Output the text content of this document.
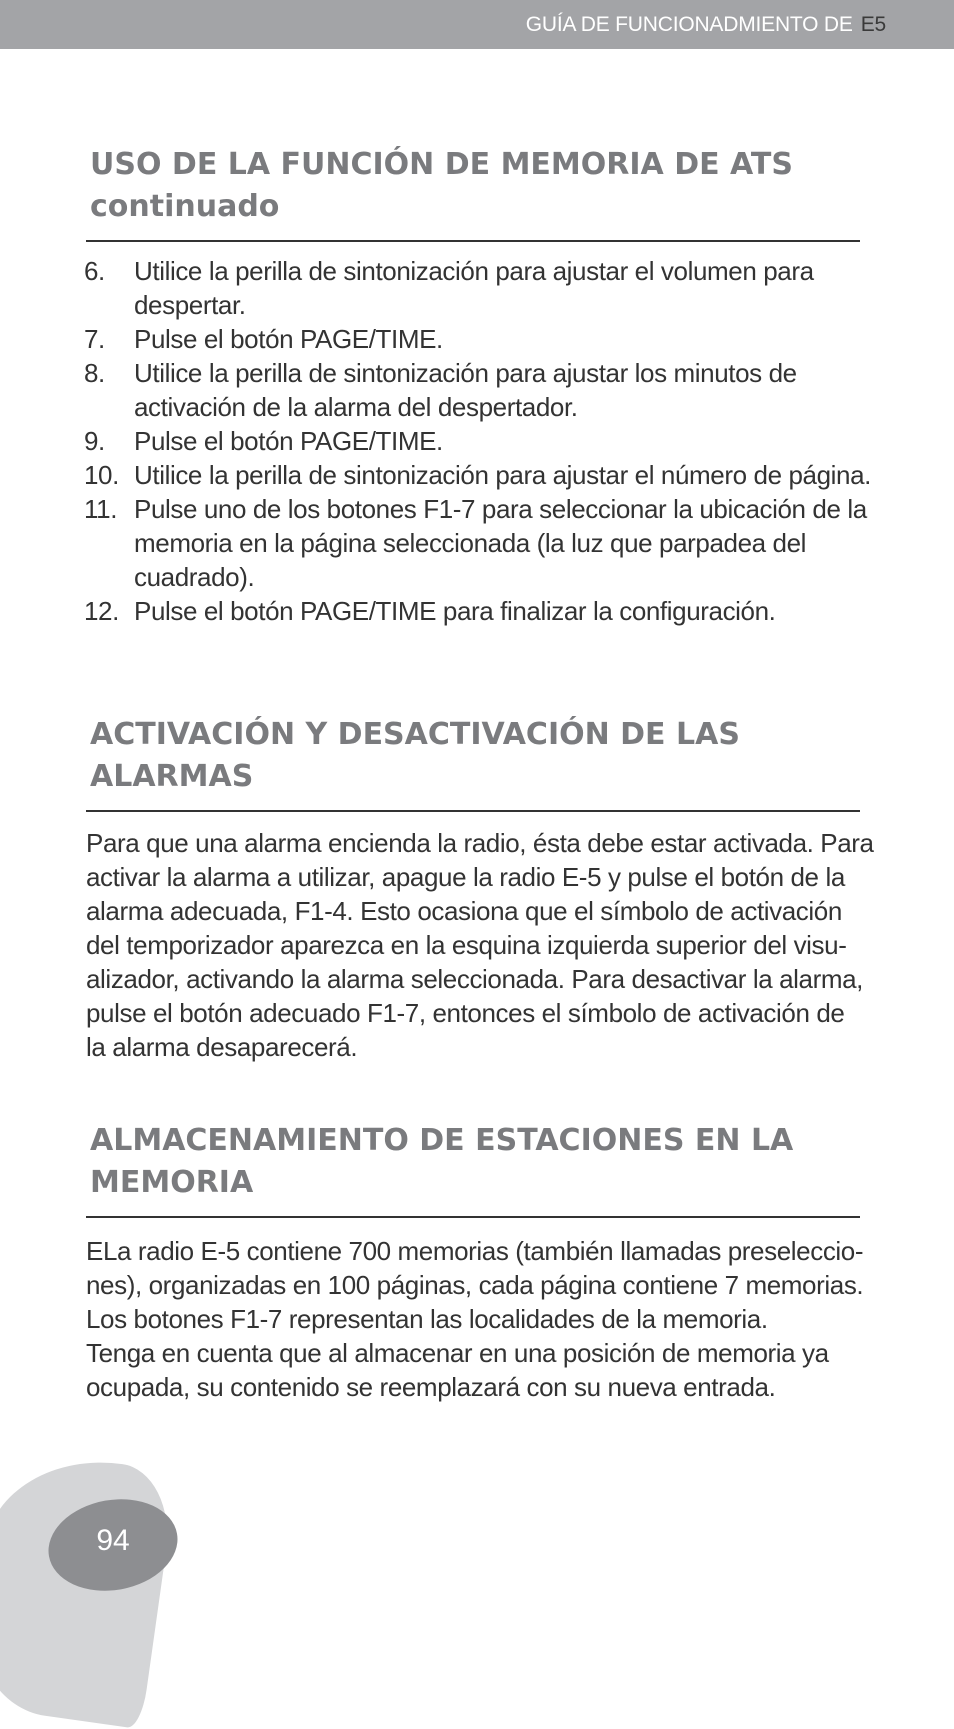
GUÍA DE FUNCIONADMIENTO DE E5
USO DE LA FUNCIÓN DE MEMORIA DE ATS
continuado
6. Utilice la perilla de sintonización para ajustar el volumen para despertar.
7. Pulse el botón PAGE/TIME.
8. Utilice la perilla de sintonización para ajustar los minutos de activación de la alarma del despertador.
9. Pulse el botón PAGE/TIME.
10. Utilice la perilla de sintonización para ajustar el número de página.
11. Pulse uno de los botones F1-7 para seleccionar la ubicación de la memoria en la página seleccionada (la luz que parpadea del cuadrado).
12. Pulse el botón PAGE/TIME para finalizar la configuración.
ACTIVACIÓN Y DESACTIVACIÓN DE LAS
ALARMAS

Para que una alarma encienda la radio, ésta debe estar activada. Para
activar la alarma a utilizar, apague la radio E-5 y pulse el botón de la
alarma adecuada, F1-4. Esto ocasiona que el símbolo de activación
del temporizador aparezca en la esquina izquierda superior del visu-
alizador, activando la alarma seleccionada. Para desactivar la alarma,
pulse el botón adecuado F1-7, entonces el símbolo de activación de
la alarma desaparecerá.

ALMACENAMIENTO DE ESTACIONES EN LA
MEMORIA

ELa radio E-5 contiene 700 memorias (también llamadas preseleccio-
nes), organizadas en 100 páginas, cada página contiene 7 memorias.
Los botones F1-7 representan las localidades de la memoria.
Tenga en cuenta que al almacenar en una posición de memoria ya
ocupada, su contenido se reemplazará con su nueva entrada.

94
